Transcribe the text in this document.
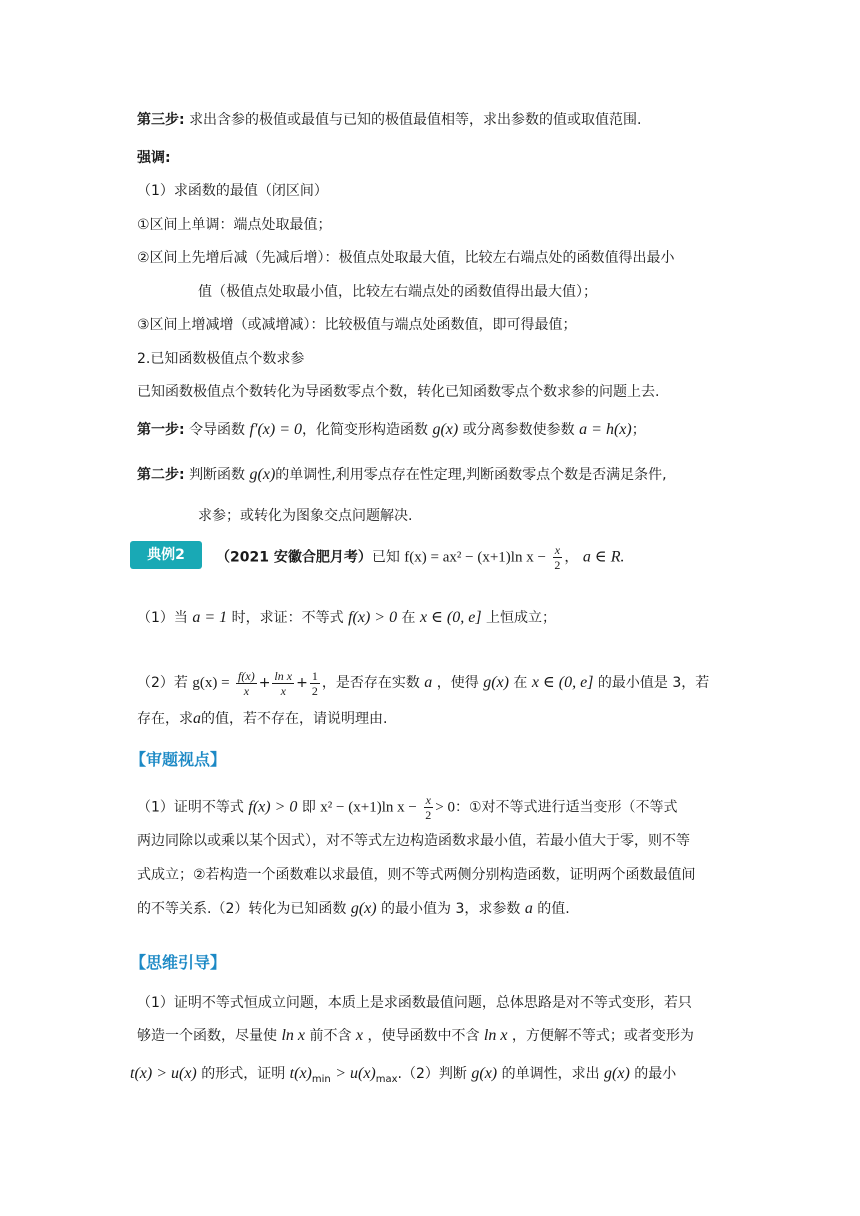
第三步: 求出含参的极值或最值与已知的极值最值相等，求出参数的值或取值范围.
强调:
（1）求函数的最值（闭区间）
①区间上单调：端点处取最值；
②区间上先增后减（先减后增）：极值点处取最大值，比较左右端点处的函数值得出最小
值（极值点处取最小值，比较左右端点处的函数值得出最大值）；
③区间上增减增（或减增减）：比较极值与端点处函数值，即可得最值；
2.已知函数极值点个数求参
已知函数极值点个数转化为导函数零点个数，转化已知函数零点个数求参的问题上去.
第一步: 令导函数 f′(x) = 0，化简变形构造函数 g(x) 或分离参数使参数 a = h(x)；
第二步: 判断函数 g(x)的单调性,利用零点存在性定理,判断函数零点个数是否满足条件,
求参；或转化为图象交点问题解决.
典例2	（2021 安徽合肥月考）已知 f(x) = ax² − (x+1)ln $x - \frac{x}{2}$ ， a ∈ R.
（1）当 a = 1 时，求证：不等式 f(x) > 0 在 x ∈ (0, e] 上恒成立；
（2）若 $g(x) = \frac{f(x)}{x} + \frac{\text{ln x}}{x} + \frac{1}{2}$ ，是否存在实数 a ，使得 g(x) 在 x ∈ (0, e] 的最小值是 3，若
存在，求a的值，若不存在，请说明理由.
【审题视点】
（1）证明不等式 f(x) > 0 即 x² − (x+1)ln $x - \frac{x}{2} > 0$：①对不等式进行适当变形（不等式
两边同除以或乘以某个因式），对不等式左边构造函数求最小值，若最小值大于零，则不等
式成立；②若构造一个函数难以求最值，则不等式两侧分别构造函数，证明两个函数最值间
的不等关系.（2）转化为已知函数 g(x) 的最小值为 3，求参数 a 的值.
【思维引导】
（1）证明不等式恒成立问题，本质上是求函数最值问题，总体思路是对不等式变形，若只
够造一个函数，尽量使 ln x 前不含 x ，使导函数中不含 ln x ，方便解不等式；或者变形为
t(x) > u(x) 的形式，证明 $t(x)_{min} > u(x)_{max}.(2)$判断 g(x) 的单调性，求出 g(x) 的最小
